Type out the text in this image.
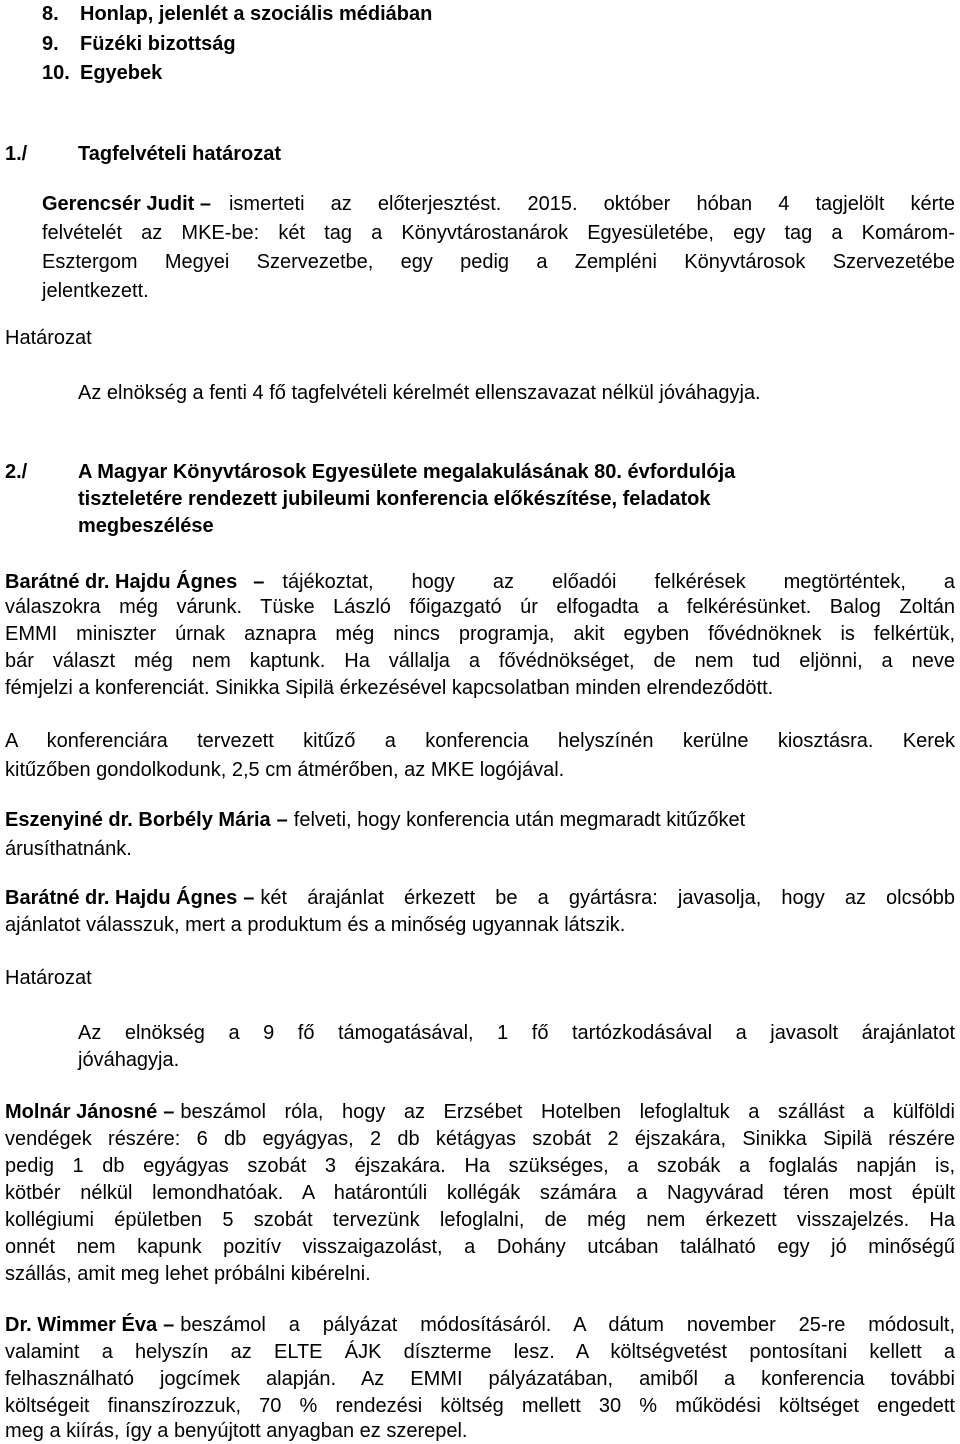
8. Honlap, jelenlét a szociális médiában
9. Füzéki bizottság
10. Egyebek
1./	Tagfelvételi határozat
Gerencsér Judit – ismerteti az előterjesztést. 2015. október hóban 4 tagjelölt kérte
felvételét az MKE-be: két tag a Könyvtárostanárok Egyesületébe, egy tag a Komárom-
Esztergom Megyei Szervezetbe, egy pedig a Zempléni Könyvtárosok Szervezetébe
jelentkezett.
Határozat
Az elnökség a fenti 4 fő tagfelvételi kérelmét ellenszavazat nélkül jóváhagyja.
2./	A Magyar Könyvtárosok Egyesülete megalakulásának 80. évfordulója
tiszteletére rendezett jubileumi konferencia előkészítése, feladatok
megbeszélése
Barátné dr. Hajdu Ágnes – tájékoztat, hogy az előadói felkérések megtörténtek, a
válaszokra még várunk. Tüske László főigazgató úr elfogadta a felkérésünket. Balog Zoltán
EMMI miniszter úrnak aznapra még nincs programja, akit egyben fővédnöknek is felkértük,
bár választ még nem kaptunk. Ha vállalja a fővédnökséget, de nem tud eljönni, a neve
fémjelzi a konferenciát. Sinikka Sipilä érkezésével kapcsolatban minden elrendeződött.
A konferenciára tervezett kitűző a konferencia helyszínén kerülne kiosztásra. Kerek
kitűzőben gondolkodunk, 2,5 cm átmérőben, az MKE logójával.
Eszenyiné dr. Borbély Mária – felveti, hogy konferencia után megmaradt kitűzőket
árusíthatnánk.
Barátné dr. Hajdu Ágnes – két árajánlat érkezett be a gyártásra: javasolja, hogy az olcsóbb
ajánlatot válasszuk, mert a produktum és a minőség ugyannak látszik.
Határozat
Az elnökség a 9 fő támogatásával, 1 fő tartózkodásával a javasolt árajánlatot
jóváhagyja.
Molnár Jánosné – beszámol róla, hogy az Erzsébet Hotelben lefoglaltuk a szállást a külföldi
vendégek részére: 6 db egyágyas, 2 db kétágyas szobát 2 éjszakára, Sinikka Sipilä részére
pedig 1 db egyágyas szobát 3 éjszakára. Ha szükséges, a szobák a foglalás napján is,
kötbér nélkül lemondhatóak. A határontúli kollégák számára a Nagyvárad téren most épült
kollégiumi épületben 5 szobát tervezünk lefoglalni, de még nem érkezett visszajelzés. Ha
onnét nem kapunk pozitív visszaigazolást, a Dohány utcában található egy jó minőségű
szállás, amit meg lehet próbálni kibérelni.
Dr. Wimmer Éva – beszámol a pályázat módosításáról. A dátum november 25-re módosult,
valamint a helyszín az ELTE ÁJK díszterme lesz. A költségvetést pontosítani kellett a
felhasználható jogcímek alapján. Az EMMI pályázatában, amiből a konferencia további
költségeit finanszírozzuk, 70 % rendezési költség mellett 30 % működési költséget engedett
meg a kiírás, így a benyújtott anyagban ez szerepel.
